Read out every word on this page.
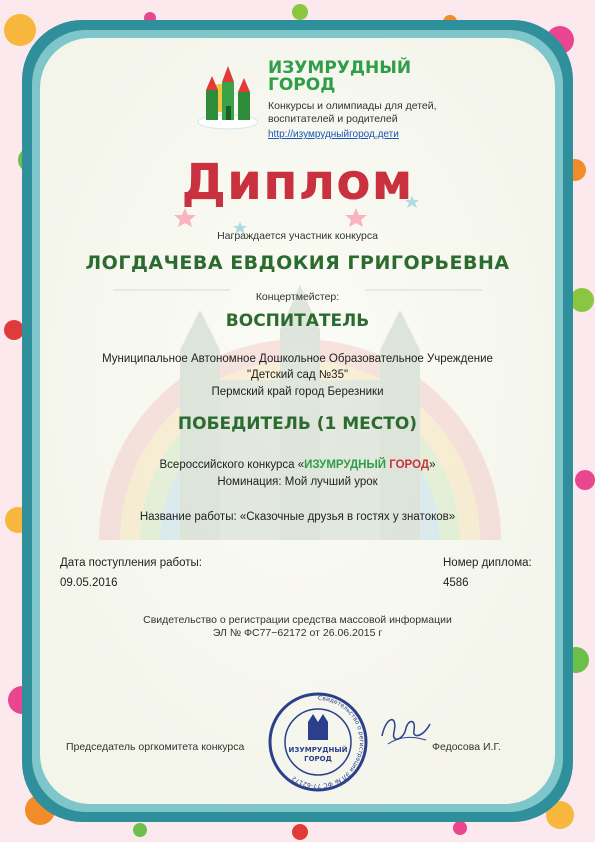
ИЗУМРУДНЫЙ ГОРОД
Конкурсы и олимпиады для детей, воспитателей и родителей
http://изумрудныйгород.дети
Диплом
Награждается участник конкурса
ЛОГДАЧЕВА ЕВДОКИЯ ГРИГОРЬЕВНА
Концертмейстер:
ВОСПИТАТЕЛЬ
Муниципальное Автономное Дошкольное Образовательное Учреждение
"Детский сад №35"
Пермский край город Березники
ПОБЕДИТЕЛЬ (1 МЕСТО)
Всероссийского конкурса «ИЗУМРУДНЫЙ ГОРОД»
Номинация: Мой лучший урок
Название работы: «Сказочные друзья в гостях у знатоков»
Дата поступления работы:
09.05.2016
Номер диплома:
4586
Свидетельство о регистрации средства массовой информации
ЭЛ № ФС77−62172 от 26.06.2015 г
Председатель оргкомитета конкурса	Федосова И.Г.
Свидетельство о регистрации ЭЛ № ФС 77-62172
ИЗУМРУДНЫЙ
ГОРОД
